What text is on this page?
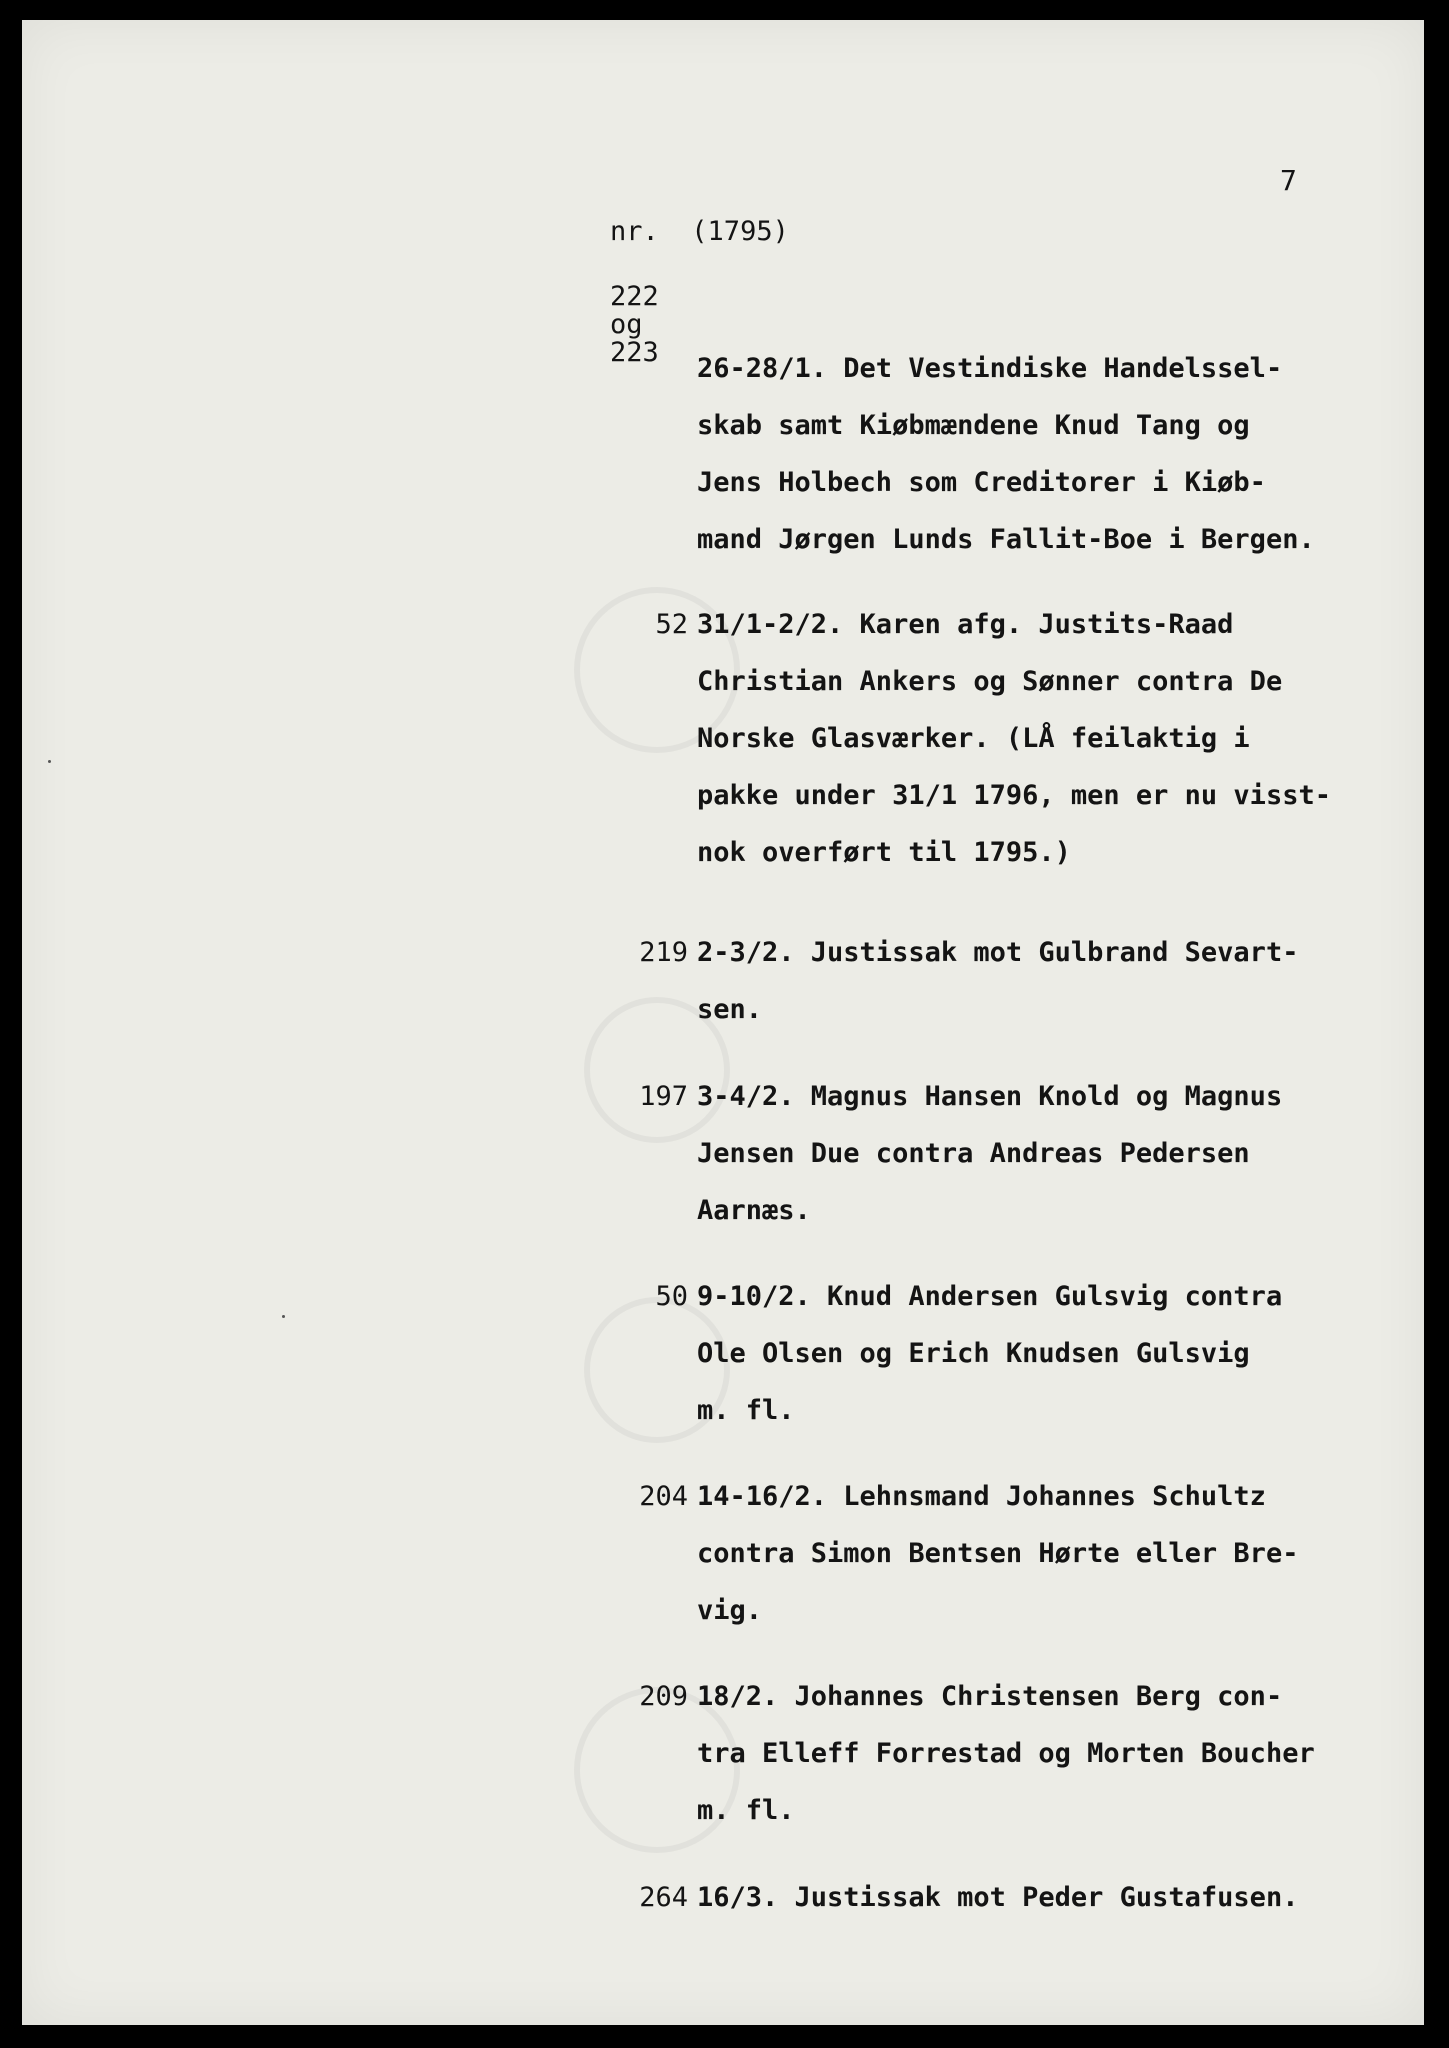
7
nr. (1795)
222
og
223
26-28/1. Det Vestindiske Handelssel-
skab samt Kiøbmændene Knud Tang og
Jens Holbech som Creditorer i Kiøb-
mand Jørgen Lunds Fallit-Boe i Bergen.
52 31/1-2/2. Karen afg. Justits-Raad
Christian Ankers og Sønner contra De
Norske Glasværker. (LÅ feilaktig i
pakke under 31/1 1796, men er nu visst-
nok overført til 1795.)
219 2-3/2. Justissak mot Gulbrand Sevart-
sen.
197 3-4/2. Magnus Hansen Knold og Magnus
Jensen Due contra Andreas Pedersen
Aarnæs.
50 9-10/2. Knud Andersen Gulsvig contra
Ole Olsen og Erich Knudsen Gulsvig
m. fl.
204 14-16/2. Lehnsmand Johannes Schultz
contra Simon Bentsen Hørte eller Bre-
vig.
209 18/2. Johannes Christensen Berg con-
tra Elleff Forrestad og Morten Boucher
m. fl.
264 16/3. Justissak mot Peder Gustafusen.
